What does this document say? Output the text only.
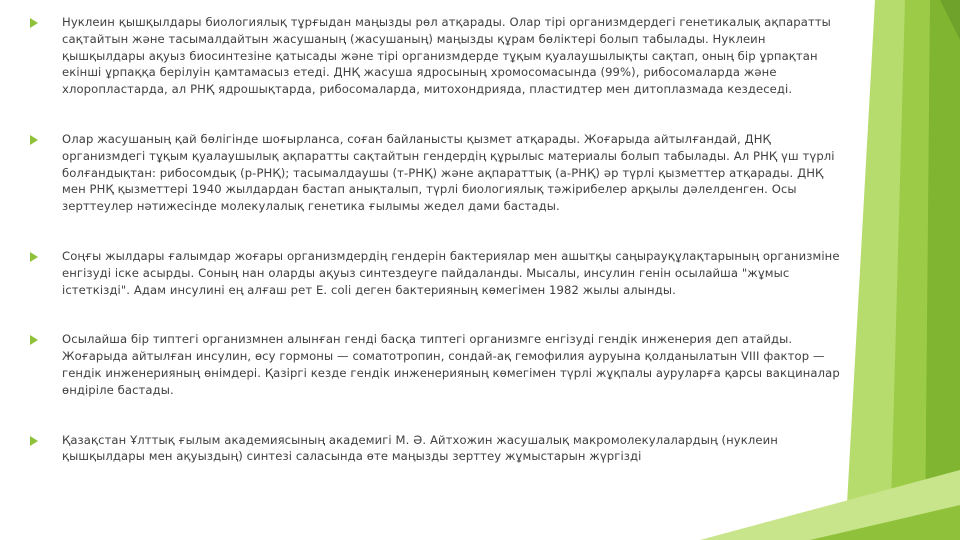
Нуклеин қышқылдары биологиялық тұрғыдан маңызды рөл атқарады. Олар тірі организмдердегі генетикалық ақпаратты сақтайтын және тасымалдайтын жасушаның (жасушаның) маңызды құрам бөліктері болып табылады. Нуклеин қышқылдары ақуыз биосинтезіне қатысады және тірі организмдерде тұқым қуалаушылықты сақтап, оның бір ұрпақтан екінші ұрпаққа берілуін қамтамасыз етеді. ДНҚ жасуша ядросының хромосомасында (99%), рибосомаларда және хлоропластарда, ал РНҚ ядрошықтарда, рибосомаларда, митохондрияда, пластидтер мен дитоплазмада кездеседі.
Олар жасушаның қай бөлігінде шоғырланса, соған байланысты қызмет атқарады. Жоғарыда айтылғандай, ДНҚ организмдегі тұқым қуалаушылық ақпаратты сақтайтын гендердің құрылыс материалы болып табылады. Ал РНҚ үш түрлі болғандықтан: рибосомдық (р-РНҚ); тасымалдаушы (т-РНҚ) және ақпараттық (а-РНҚ) әр түрлі қызметтер атқарады. ДНҚ мен РНҚ қызметтері 1940 жылдардан бастап анықталып, түрлі биологиялық тәжірибелер арқылы дәлелденген. Осы зерттеулер нәтижесінде молекулалық генетика ғылымы жедел дами бастады.
Соңғы жылдары ғалымдар жоғары организмдердің гендерін бактериялар мен ашытқы саңырауқұлақтарының организміне енгізуді іске асырды. Соның нан оларды ақуыз синтездеуге пайдаланды. Мысалы, инсулин генін осылайша "жұмыс істеткізді". Адам инсулині ең алғаш рет E. coli деген бактерияның көмегімен 1982 жылы алынды.
Осылайша бір типтегі организмнен алынған генді басқа типтегі организмге енгізуді гендік инженерия деп атайды. Жоғарыда айтылған инсулин, өсу гормоны — соматотропин, сондай-ақ гемофилия ауруына қолданылатын VIII фактор — гендік инженерияның өнімдері. Қазіргі кезде гендік инженерияның көмегімен түрлі жұқпалы ауруларға қарсы вакциналар өндіріле бастады.
Қазақстан Ұлттық ғылым академиясының академигі М. Ә. Айтхожин жасушалық макромолекулалардың (нуклеин қышқылдары мен ақуыздың) синтезі саласында өте маңызды зерттеу жұмыстарын жүргізді
